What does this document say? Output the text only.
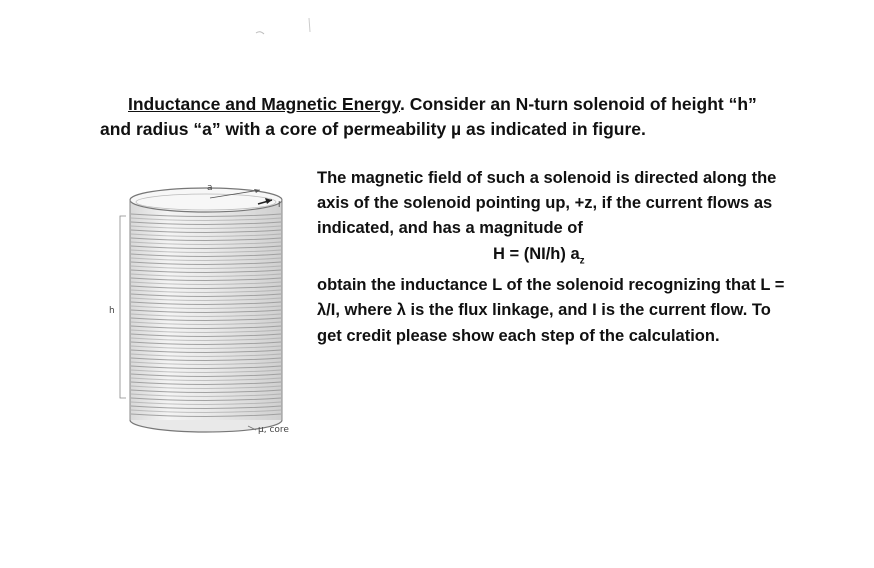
Inductance and Magnetic Energy. Consider an N-turn solenoid of height “h”
and radius “a” with a core of permeability µ as indicated in figure.
a
I
h
µ, core
The magnetic field of such a solenoid is directed along the axis of the solenoid pointing up, +z, if the current flows as indicated, and has a magnitude of
H = (NI/h) $a_z$
obtain the inductance L of the solenoid recognizing that L = λ/I, where λ is the flux linkage, and I is the current flow. To get credit please show each step of the calculation.
